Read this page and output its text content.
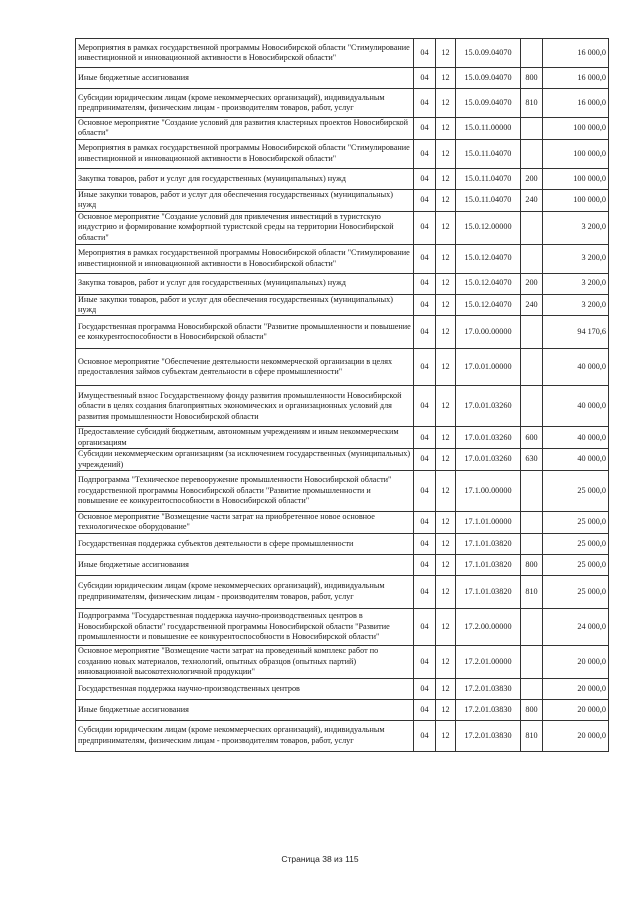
Мероприятия в рамках государственной программы Новосибирской области "Стимулирование инвестиционной и инновационной активности в Новосибирской области"	04	12	15.0.09.04070		16 000,0
Иные бюджетные ассигнования	04	12	15.0.09.04070	800	16 000,0
Субсидии юридическим лицам (кроме некоммерческих организаций), индивидуальным предпринимателям, физическим лицам - производителям товаров, работ, услуг	04	12	15.0.09.04070	810	16 000,0
Основное мероприятие "Создание условий для развития кластерных проектов Новосибирской области"	04	12	15.0.11.00000		100 000,0
Мероприятия в рамках государственной программы Новосибирской области "Стимулирование инвестиционной и инновационной активности в Новосибирской области"	04	12	15.0.11.04070		100 000,0
Закупка товаров, работ и услуг для государственных (муниципальных) нужд	04	12	15.0.11.04070	200	100 000,0
Иные закупки товаров, работ и услуг для обеспечения государственных (муниципальных) нужд	04	12	15.0.11.04070	240	100 000,0
Основное мероприятие "Создание условий для привлечения инвестиций в туристскую индустрию и формирование комфортной туристской среды на территории Новосибирской области"	04	12	15.0.12.00000		3 200,0
Мероприятия в рамках государственной программы Новосибирской области "Стимулирование инвестиционной и инновационной активности в Новосибирской области"	04	12	15.0.12.04070		3 200,0
Закупка товаров, работ и услуг для государственных (муниципальных) нужд	04	12	15.0.12.04070	200	3 200,0
Иные закупки товаров, работ и услуг для обеспечения государственных (муниципальных) нужд	04	12	15.0.12.04070	240	3 200,0
Государственная программа Новосибирской области "Развитие промышленности и повышение ее конкурентоспособности в Новосибирской области"	04	12	17.0.00.00000		94 170,6
Основное мероприятие "Обеспечение деятельности некоммерческой организации в целях предоставления займов субъектам деятельности в сфере промышленности"	04	12	17.0.01.00000		40 000,0
Имущественный взнос Государственному фонду развития промышленности Новосибирской области в целях создания благоприятных экономических и организационных условий для развития промышленности Новосибирской области	04	12	17.0.01.03260		40 000,0
Предоставление субсидий бюджетным, автономным учреждениям и иным некоммерческим организациям	04	12	17.0.01.03260	600	40 000,0
Субсидии некоммерческим организациям (за исключением государственных (муниципальных) учреждений)	04	12	17.0.01.03260	630	40 000,0
Подпрограмма "Техническое перевооружение промышленности Новосибирской области" государственной программы Новосибирской области "Развитие промышленности и повышение ее конкурентоспособности в Новосибирской области"	04	12	17.1.00.00000		25 000,0
Основное мероприятие "Возмещение части затрат на приобретенное новое основное технологическое оборудование"	04	12	17.1.01.00000		25 000,0
Государственная поддержка субъектов деятельности в сфере промышленности	04	12	17.1.01.03820		25 000,0
Иные бюджетные ассигнования	04	12	17.1.01.03820	800	25 000,0
Субсидии юридическим лицам (кроме некоммерческих организаций), индивидуальным предпринимателям, физическим лицам - производителям товаров, работ, услуг	04	12	17.1.01.03820	810	25 000,0
Подпрограмма "Государственная поддержка научно-производственных центров в Новосибирской области" государственной программы Новосибирской области "Развитие промышленности и повышение ее конкурентоспособности в Новосибирской области"	04	12	17.2.00.00000		24 000,0
Основное мероприятие "Возмещение части затрат на проведенный комплекс работ по созданию новых материалов, технологий, опытных образцов (опытных партий) инновационной высокотехнологичной продукции"	04	12	17.2.01.00000		20 000,0
Государственная поддержка научно-производственных центров	04	12	17.2.01.03830		20 000,0
Иные бюджетные ассигнования	04	12	17.2.01.03830	800	20 000,0
Субсидии юридическим лицам (кроме некоммерческих организаций), индивидуальным предпринимателям, физическим лицам - производителям товаров, работ, услуг	04	12	17.2.01.03830	810	20 000,0
Страница 38 из 115
